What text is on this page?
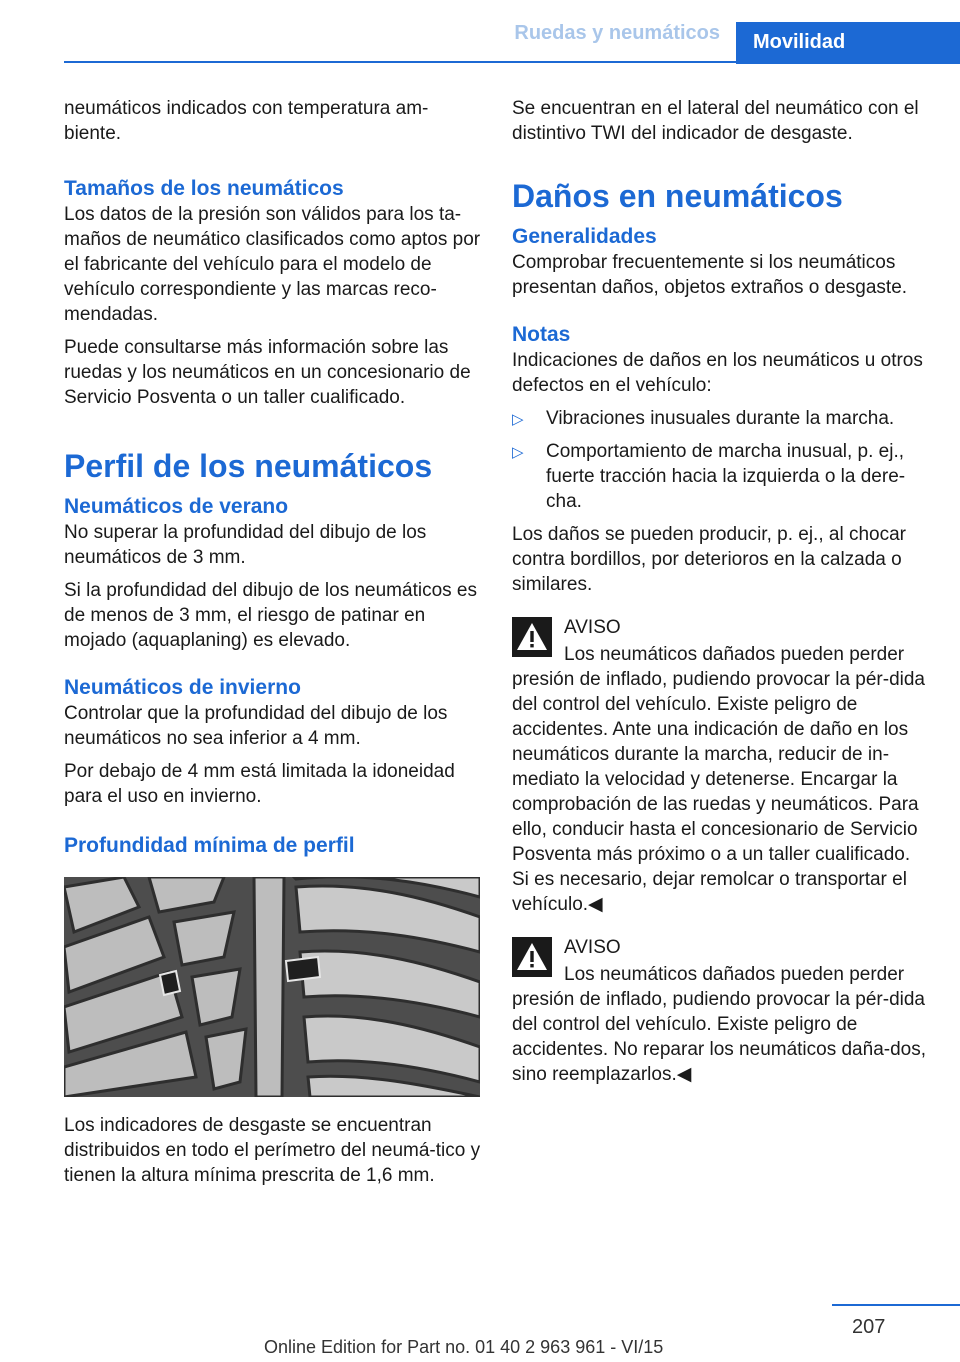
Ruedas y neumáticos	Movilidad

neumáticos indicados con temperatura am-biente.

Tamaños de los neumáticos

Los datos de la presión son válidos para los ta-maños de neumático clasificados como aptos por el fabricante del vehículo para el modelo de vehículo correspondiente y las marcas reco-mendadas.

Puede consultarse más información sobre las ruedas y los neumáticos en un concesionario de Servicio Posventa o un taller cualificado.

Perfil de los neumáticos
Neumáticos de verano

No superar la profundidad del dibujo de los neumáticos de 3 mm.

Si la profundidad del dibujo de los neumáticos es de menos de 3 mm, el riesgo de patinar en mojado (aquaplaning) es elevado.

Neumáticos de invierno

Controlar que la profundidad del dibujo de los neumáticos no sea inferior a 4 mm.

Por debajo de 4 mm está limitada la idoneidad para el uso en invierno.

Profundidad mínima de perfil

Los indicadores de desgaste se encuentran distribuidos en todo el perímetro del neumá-tico y tienen la altura mínima prescrita de 1,6 mm.

Se encuentran en el lateral del neumático con el distintivo TWI del indicador de desgaste.

Daños en neumáticos
Generalidades

Comprobar frecuentemente si los neumáticos presentan daños, objetos extraños o desgaste.

Notas

Indicaciones de daños en los neumáticos u otros defectos en el vehículo:

▷ Vibraciones inusuales durante la marcha.
▷ Comportamiento de marcha inusual, p. ej., fuerte tracción hacia la izquierda o la dere-cha.

Los daños se pueden producir, p. ej., al chocar contra bordillos, por deterioros en la calzada o similares.

AVISO

Los neumáticos dañados pueden perder presión de inflado, pudiendo provocar la pér-dida del control del vehículo. Existe peligro de accidentes. Ante una indicación de daño en los neumáticos durante la marcha, reducir de in-mediato la velocidad y detenerse. Encargar la comprobación de las ruedas y neumáticos. Para ello, conducir hasta el concesionario de Servicio Posventa más próximo o a un taller cualificado. Si es necesario, dejar remolcar o transportar el vehículo.◀

AVISO

Los neumáticos dañados pueden perder presión de inflado, pudiendo provocar la pér-dida del control del vehículo. Existe peligro de accidentes. No reparar los neumáticos daña-dos, sino reemplazarlos.◀

207
Online Edition for Part no. 01 40 2 963 961 - VI/15
